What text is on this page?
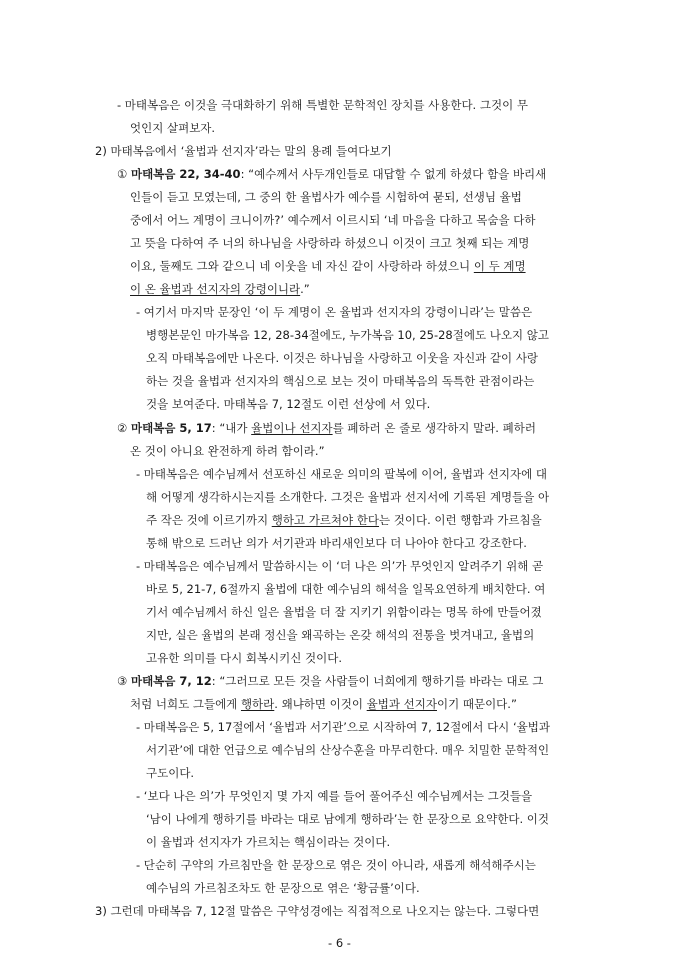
- 마태복음은 이것을 극대화하기 위해 특별한 문학적인 장치를 사용한다. 그것이 무
엇인지 살펴보자.
2) 마태복음에서 ‘율법과 선지자’라는 말의 용례 들여다보기
① 마태복음 22, 34-40: “예수께서 사두개인들로 대답할 수 없게 하셨다 함을 바리새
인들이 듣고 모였는데, 그 중의 한 율법사가 예수를 시험하여 묻되, 선생님 율법
중에서 어느 계명이 크니이까?’ 예수께서 이르시되 ‘네 마음을 다하고 목숨을 다하
고 뜻을 다하여 주 너의 하나님을 사랑하라 하셨으니 이것이 크고 첫째 되는 계명
이요, 둘째도 그와 같으니 네 이웃을 네 자신 같이 사랑하라 하셨으니 이 두 계명
이 온 율법과 선지자의 강령이니라.”
- 여기서 마지막 문장인 ‘이 두 계명이 온 율법과 선지자의 강령이니라’는 말씀은
병행본문인 마가복음 12, 28-34절에도, 누가복음 10, 25-28절에도 나오지 않고
오직 마태복음에만 나온다. 이것은 하나님을 사랑하고 이웃을 자신과 같이 사랑
하는 것을 율법과 선지자의 핵심으로 보는 것이 마태복음의 독특한 관점이라는
것을 보여준다. 마태복음 7, 12절도 이런 선상에 서 있다.
② 마태복음 5, 17: “내가 율법이나 선지자를 폐하러 온 줄로 생각하지 말라. 폐하러
온 것이 아니요 완전하게 하려 함이라.”
- 마태복음은 예수님께서 선포하신 새로운 의미의 팔복에 이어, 율법과 선지자에 대
해 어떻게 생각하시는지를 소개한다. 그것은 율법과 선지서에 기록된 계명들을 아
주 작은 것에 이르기까지 행하고 가르쳐야 한다는 것이다. 이런 행함과 가르침을
통해 밖으로 드러난 의가 서기관과 바리새인보다 더 나아야 한다고 강조한다.
- 마태복음은 예수님께서 말씀하시는 이 ‘더 나은 의’가 무엇인지 알려주기 위해 곧
바로 5, 21-7, 6절까지 율법에 대한 예수님의 해석을 일목요연하게 배치한다. 여
기서 예수님께서 하신 일은 율법을 더 잘 지키기 위함이라는 명목 하에 만들어졌
지만, 실은 율법의 본래 정신을 왜곡하는 온갖 해석의 전통을 벗겨내고, 율법의
고유한 의미를 다시 회복시키신 것이다.
③ 마태복음 7, 12: “그러므로 모든 것을 사람들이 너희에게 행하기를 바라는 대로 그
처럼 너희도 그들에게 행하라. 왜냐하면 이것이 율법과 선지자이기 때문이다.”
- 마태복음은 5, 17절에서 ‘율법과 서기관’으로 시작하여 7, 12절에서 다시 ‘율법과
서기관’에 대한 언급으로 예수님의 산상수훈을 마무리한다. 매우 치밀한 문학적인
구도이다.
- ‘보다 나은 의’가 무엇인지 몇 가지 예를 들어 풀어주신 예수님께서는 그것들을
‘남이 나에게 행하기를 바라는 대로 남에게 행하라’는 한 문장으로 요약한다. 이것
이 율법과 선지자가 가르치는 핵심이라는 것이다.
- 단순히 구약의 가르침만을 한 문장으로 엮은 것이 아니라, 새롭게 해석해주시는
예수님의 가르침조차도 한 문장으로 엮은 ‘황금률’이다.
3) 그런데 마태복음 7, 12절 말씀은 구약성경에는 직접적으로 나오지는 않는다. 그렇다면
- 6 -
